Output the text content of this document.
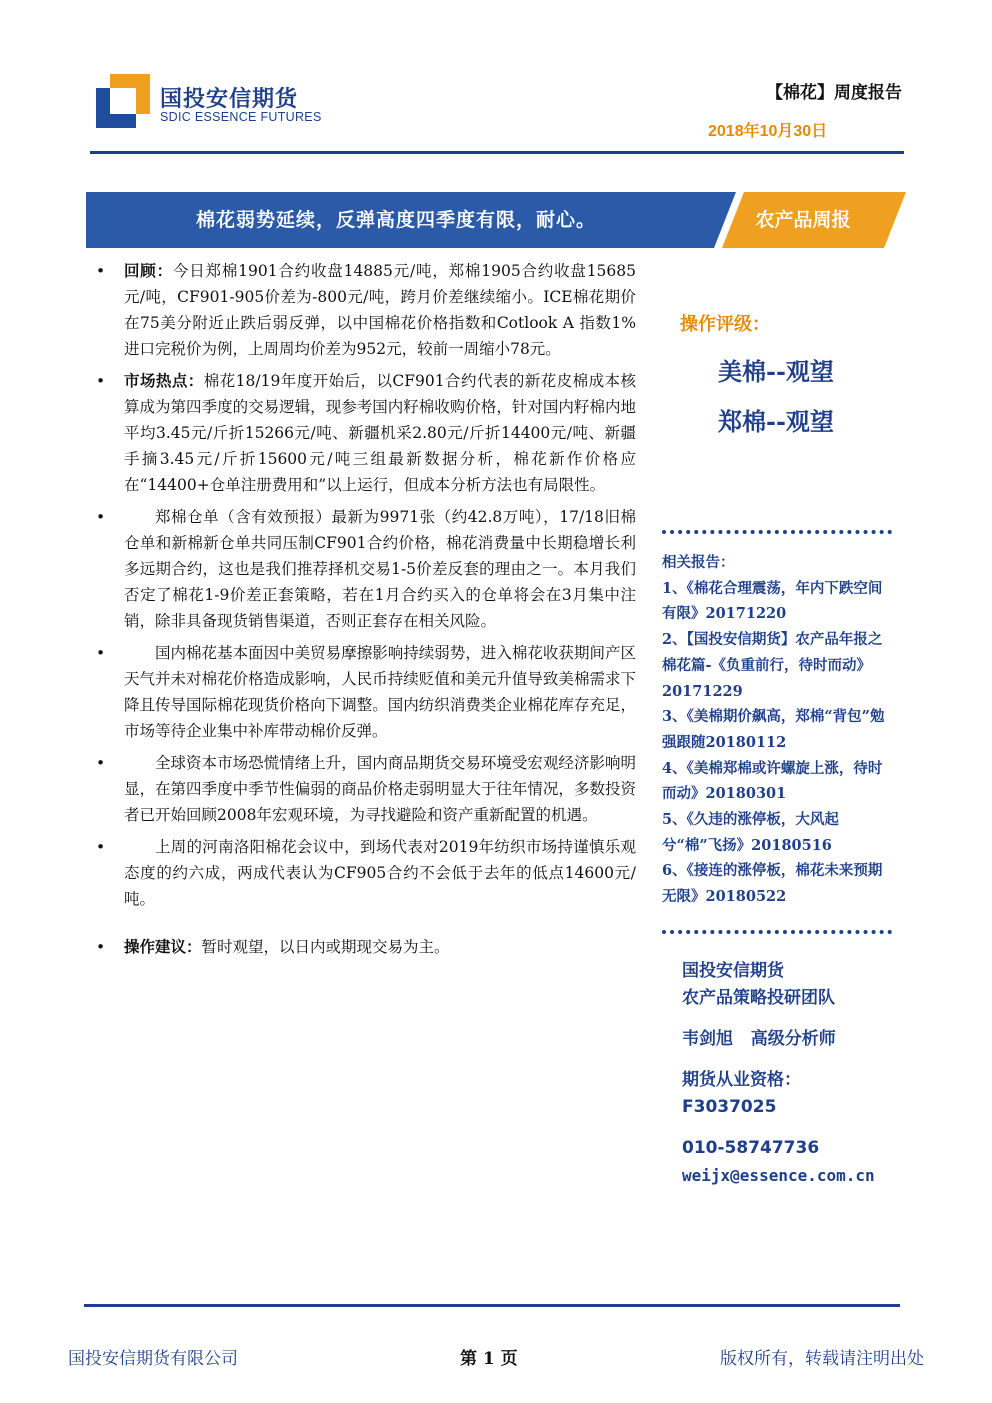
国投安信期货
SDIC ESSENCE FUTURES
【棉花】周度报告
2018年10月30日
棉花弱势延续，反弹高度四季度有限，耐心。	农产品周报
• 回顾：今日郑棉1901合约收盘14885元/吨，郑棉1905合约收盘15685元/吨，CF901-905价差为-800元/吨，跨月价差继续缩小。ICE棉花期价在75美分附近止跌后弱反弹，以中国棉花价格指数和Cotlook A 指数1%进口完税价为例，上周周均价差为952元，较前一周缩小78元。
• 市场热点：棉花18/19年度开始后，以CF901合约代表的新花皮棉成本核算成为第四季度的交易逻辑，现参考国内籽棉收购价格，针对国内籽棉内地平均3.45元/斤折15266元/吨、新疆机采2.80元/斤折14400元/吨、新疆手摘3.45元/斤折15600元/吨三组最新数据分析，棉花新作价格应在“14400+仓单注册费用和”以上运行，但成本分析方法也有局限性。
•	郑棉仓单（含有效预报）最新为9971张（约42.8万吨），17/18旧棉仓单和新棉新仓单共同压制CF901合约价格，棉花消费量中长期稳增长利多远期合约，这也是我们推荐择机交易1-5价差反套的理由之一。本月我们否定了棉花1-9价差正套策略，若在1月合约买入的仓单将会在3月集中注销，除非具备现货销售渠道，否则正套存在相关风险。
•	国内棉花基本面因中美贸易摩擦影响持续弱势，进入棉花收获期间产区天气并未对棉花价格造成影响，人民币持续贬值和美元升值导致美棉需求下降且传导国际棉花现货价格向下调整。国内纺织消费类企业棉花库存充足，市场等待企业集中补库带动棉价反弹。
•	全球资本市场恐慌情绪上升，国内商品期货交易环境受宏观经济影响明显，在第四季度中季节性偏弱的商品价格走弱明显大于往年情况，多数投资者已开始回顾2008年宏观环境，为寻找避险和资产重新配置的机遇。
•	上周的河南洛阳棉花会议中，到场代表对2019年纺织市场持谨慎乐观态度的约六成，两成代表认为CF905合约不会低于去年的低点14600元/吨。
• 操作建议：暂时观望，以日内或期现交易为主。
操作评级：
美棉--观望
郑棉--观望
相关报告：
1、《棉花合理震荡，年内下跌空间有限》20171220
2、【国投安信期货】农产品年报之棉花篇-《负重前行，待时而动》20171229
3、《美棉期价飙高，郑棉“背包”勉强跟随20180112
4、《美棉郑棉或许螺旋上涨，待时而动》20180301
5、《久违的涨停板，大风起兮“棉”飞扬》20180516
6、《接连的涨停板，棉花未来预期无限》20180522
国投安信期货
农产品策略投研团队
韦剑旭   高级分析师
期货从业资格：
F3037025
010-58747736
weijx@essence.com.cn
国投安信期货有限公司	第 1 页	版权所有，转载请注明出处
